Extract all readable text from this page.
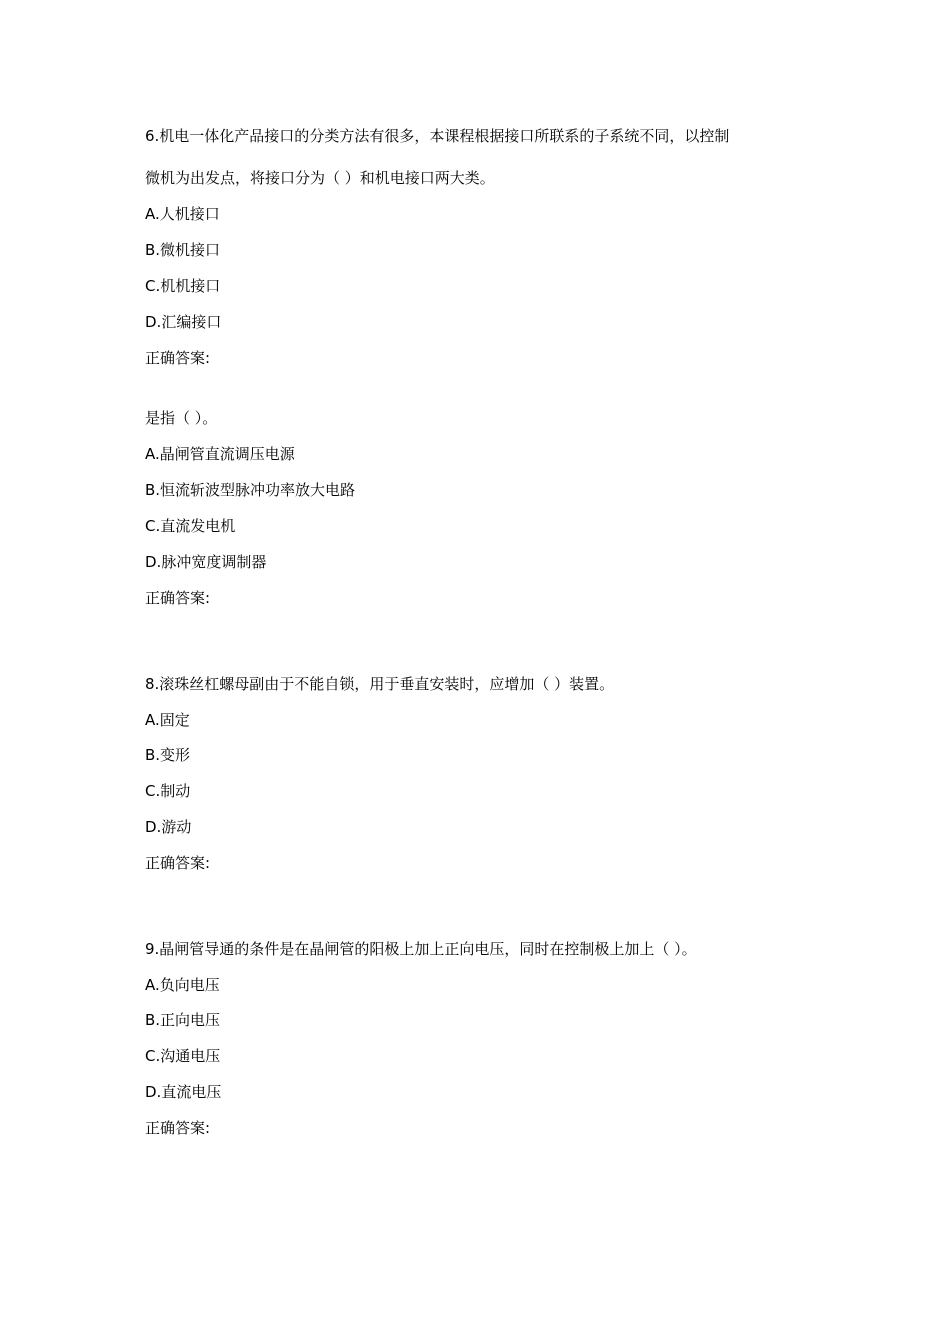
6.机电一体化产品接口的分类方法有很多，本课程根据接口所联系的子系统不同，以控制
微机为出发点，将接口分为（ ）和机电接口两大类。
A.人机接口
B.微机接口
C.机机接口
D.汇编接口
正确答案:
是指（ ）。
A.晶闸管直流调压电源
B.恒流斩波型脉冲功率放大电路
C.直流发电机
D.脉冲宽度调制器
正确答案:
8.滚珠丝杠螺母副由于不能自锁，用于垂直安装时，应增加（ ）装置。
A.固定
B.变形
C.制动
D.游动
正确答案:
9.晶闸管导通的条件是在晶闸管的阳极上加上正向电压，同时在控制极上加上（ ）。
A.负向电压
B.正向电压
C.沟通电压
D.直流电压
正确答案:
